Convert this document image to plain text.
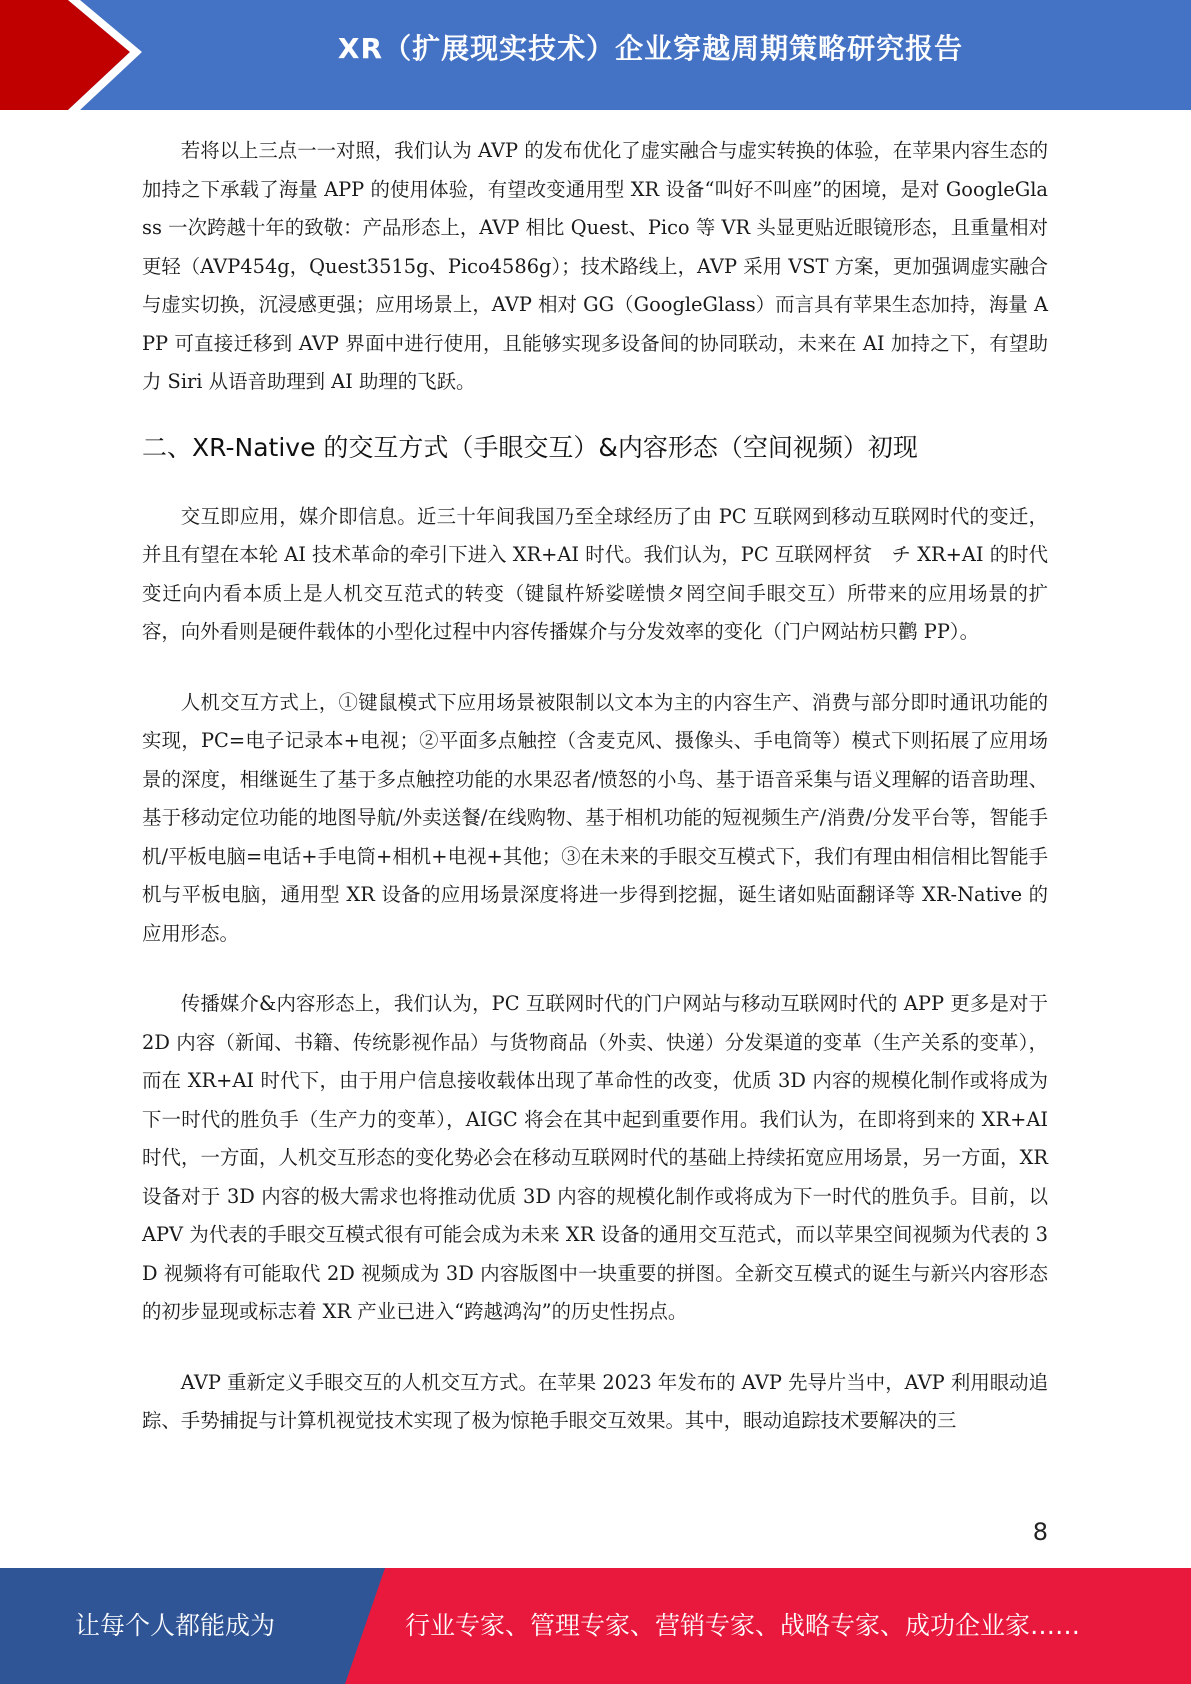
XR（扩展现实技术）企业穿越周期策略研究报告

若将以上三点一一对照，我们认为 AVP 的发布优化了虚实融合与虚实转换的体验，在苹果内容生态的加持之下承载了海量 APP 的使用体验，有望改变通用型 XR 设备“叫好不叫座”的困境，是对 GoogleGlass 一次跨越十年的致敬：产品形态上，AVP 相比 Quest、Pico 等 VR 头显更贴近眼镜形态，且重量相对更轻（AVP454g，Quest3515g、Pico4586g）；技术路线上，AVP 采用 VST 方案，更加强调虚实融合与虚实切换，沉浸感更强；应用场景上，AVP 相对 GG（GoogleGlass）而言具有苹果生态加持，海量 APP 可直接迁移到 AVP 界面中进行使用，且能够实现多设备间的协同联动，未来在 AI 加持之下，有望助力 Siri 从语音助理到 AI 助理的飞跃。

二、XR-Native 的交互方式（手眼交互）&内容形态（空间视频）初现

交互即应用，媒介即信息。近三十年间我国乃至全球经历了由 PC 互联网到移动互联网时代的变迁，并且有望在本轮 AI 技术革命的牵引下进入 XR+AI 时代。我们认为，PC 互联网枰贫　チ XR+AI 的时代变迁向内看本质上是人机交互范式的转变（键鼠杵矫娑嗟愦タ罔空间手眼交互）所带来的应用场景的扩容，向外看则是硬件载体的小型化过程中内容传播媒介与分发效率的变化（门户网站枋只鹳 PP）。

人机交互方式上，①键鼠模式下应用场景被限制以文本为主的内容生产、消费与部分即时通讯功能的实现，PC=电子记录本+电视；②平面多点触控（含麦克风、摄像头、手电筒等）模式下则拓展了应用场景的深度，相继诞生了基于多点触控功能的水果忍者/愤怒的小鸟、基于语音采集与语义理解的语音助理、基于移动定位功能的地图导航/外卖送餐/在线购物、基于相机功能的短视频生产/消费/分发平台等，智能手机/平板电脑=电话+手电筒+相机+电视+其他；③在未来的手眼交互模式下，我们有理由相信相比智能手机与平板电脑，通用型 XR 设备的应用场景深度将进一步得到挖掘，诞生诸如贴面翻译等 XR-Native 的应用形态。

传播媒介&内容形态上，我们认为，PC 互联网时代的门户网站与移动互联网时代的 APP 更多是对于 2D 内容（新闻、书籍、传统影视作品）与货物商品（外卖、快递）分发渠道的变革（生产关系的变革），而在 XR+AI 时代下，由于用户信息接收载体出现了革命性的改变，优质 3D 内容的规模化制作或将成为下一时代的胜负手（生产力的变革），AIGC 将会在其中起到重要作用。我们认为，在即将到来的 XR+AI 时代，一方面，人机交互形态的变化势必会在移动互联网时代的基础上持续拓宽应用场景，另一方面，XR 设备对于 3D 内容的极大需求也将推动优质 3D 内容的规模化制作或将成为下一时代的胜负手。目前，以 APV 为代表的手眼交互模式很有可能会成为未来 XR 设备的通用交互范式，而以苹果空间视频为代表的 3D 视频将有可能取代 2D 视频成为 3D 内容版图中一块重要的拼图。全新交互模式的诞生与新兴内容形态的初步显现或标志着 XR 产业已进入“跨越鸿沟”的历史性拐点。

AVP 重新定义手眼交互的人机交互方式。在苹果 2023 年发布的 AVP 先导片当中，AVP 利用眼动追踪、手势捕捉与计算机视觉技术实现了极为惊艳手眼交互效果。其中，眼动追踪技术要解决的三

8
让每个人都能成为	行业专家、管理专家、营销专家、战略专家、成功企业家……
